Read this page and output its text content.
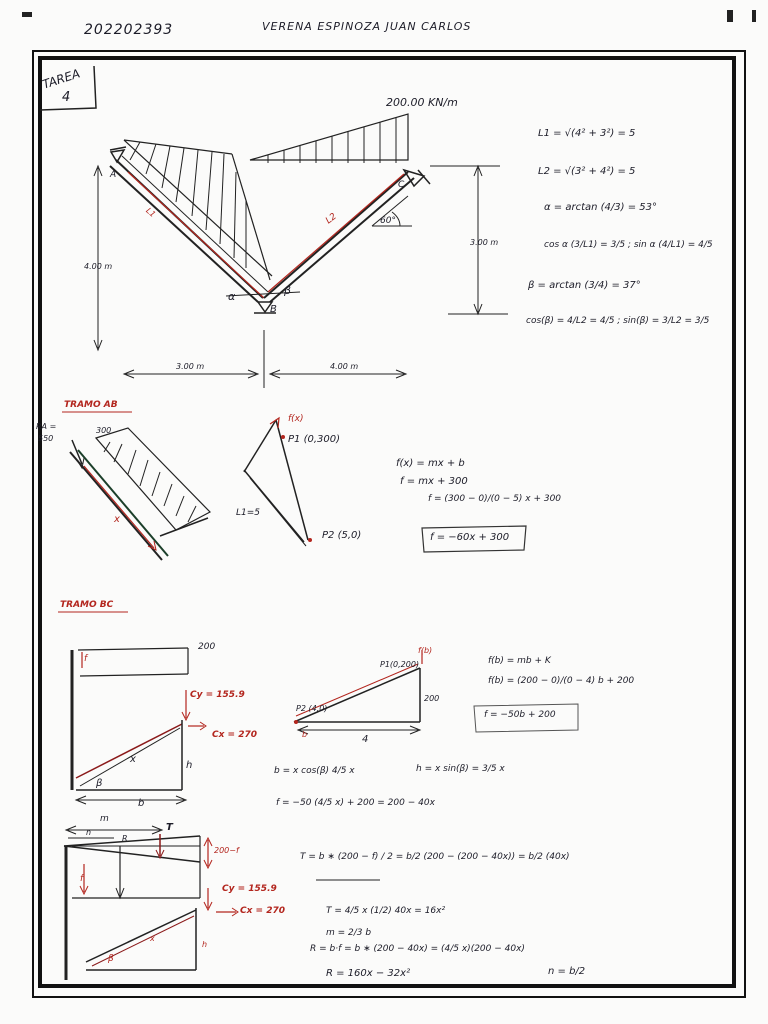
202202393	VERENA ESPINOZA JUAN CARLOS
TAREA
4	200.00 KN/m
A
B
C
L1	L2
α	β
60°
4.00 m
3.00 m
3.00 m	4.00 m
L1 = √(4² + 3²) = 5
L2 = √(3² + 4²) = 5
α = arctan (4/3) = 53°
cos α (3/L1) = 3/5 ; sin α (4/L1) = 4/5
β = arctan (3/4) = 37°
cos(β) = 4/L2 = 4/5 ; sin(β) = 3/L2 = 3/5
TRAMO AB
RA =
550
300
x
f(x)
P1 (0,300)
P2 (5,0)
L1=5
f(x) = mx + b
f = mx + 300
f = (300 − 0)/(0 − 5) x + 300
f = −60x + 300
TRAMO BC
200
f
Cy = 155.9
Cx = 270
x
h
β
b
P1(0,200)
f(b)
P2 (4,0)
200
b	4
f(b) = mb + K
f(b) = (200 − 0)/(0 − 4) b + 200
f = −50b + 200
b = x cos(β) 4/5 x	h = x sin(β) = 3/5 x
f = −50 (4/5 x) + 200 = 200 − 40x
m
n
R
T
200−f
f
Cy = 155.9
Cx = 270
x
h
β
T = b ∗ (200 − f) / 2 = b/2 (200 − (200 − 40x)) = b/2 (40x)
T = 4/5 x (1/2) 40x = 16x²
m = 2/3 b
R = b·f = b ∗ (200 − 40x) = (4/5 x)(200 − 40x)
R = 160x − 32x²	n = b/2
